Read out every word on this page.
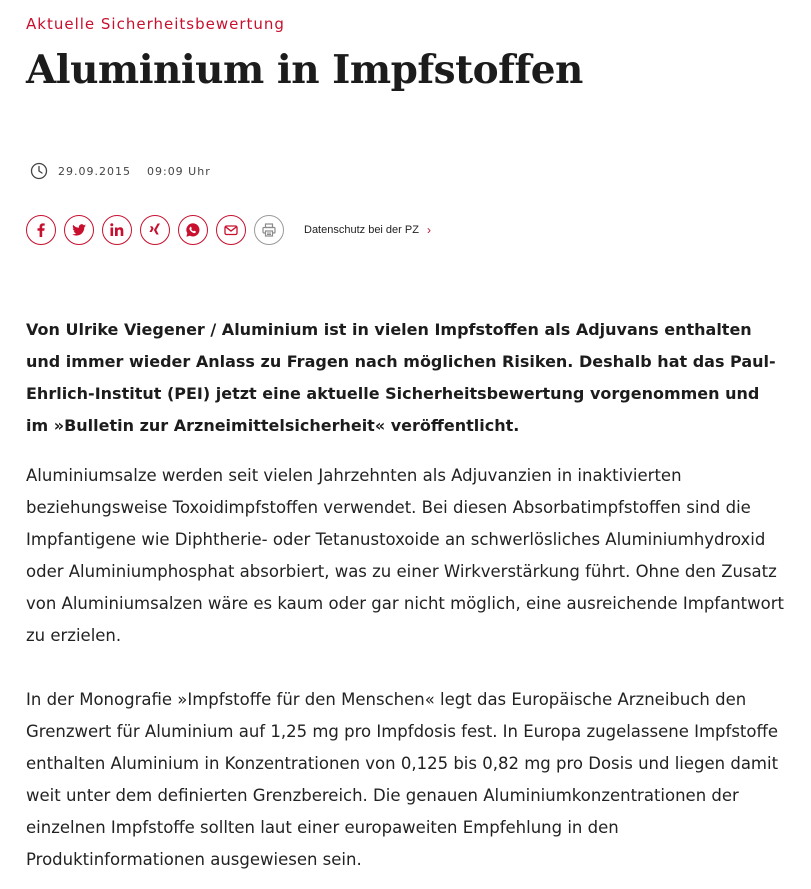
Aktuelle Sicherheitsbewertung
Aluminium in Impfstoffen
29.09.2015 09:09 Uhr
Datenschutz bei der PZ ›

Von Ulrike Viegener / Aluminium ist in vielen Impfstoffen als Adjuvans enthalten und immer wieder Anlass zu Fragen nach möglichen Risiken. Deshalb hat das Paul-Ehrlich-Institut (PEI) jetzt eine aktuelle Sicherheitsbewertung vorgenommen und im »Bulletin zur Arzneimittelsicherheit« veröffentlicht.

Aluminiumsalze werden seit vielen Jahrzehnten als Adjuvanzien in inaktivierten beziehungsweise Toxoidimpfstoffen verwendet. Bei diesen Absorbatimpfstoffen sind die Impfantigene wie Diphtherie- oder Tetanustoxoide an schwerlösliches Aluminiumhydroxid oder Aluminiumphosphat absorbiert, was zu einer Wirkverstärkung führt. Ohne den Zusatz von Aluminiumsalzen wäre es kaum oder gar nicht möglich, eine ausreichende Impfantwort zu erzielen.

In der Monografie »Impfstoffe für den Menschen« legt das Europäische Arzneibuch den Grenzwert für Aluminium auf 1,25 mg pro Impfdosis fest. In Europa zugelassene Impfstoffe enthalten Aluminium in Konzentrationen von 0,125 bis 0,82 mg pro Dosis und liegen damit weit unter dem definierten Grenzbereich. Die genauen Aluminiumkonzentrationen der einzelnen Impfstoffe sollten laut einer europaweiten Empfehlung in den Produktinformationen ausgewiesen sein.
